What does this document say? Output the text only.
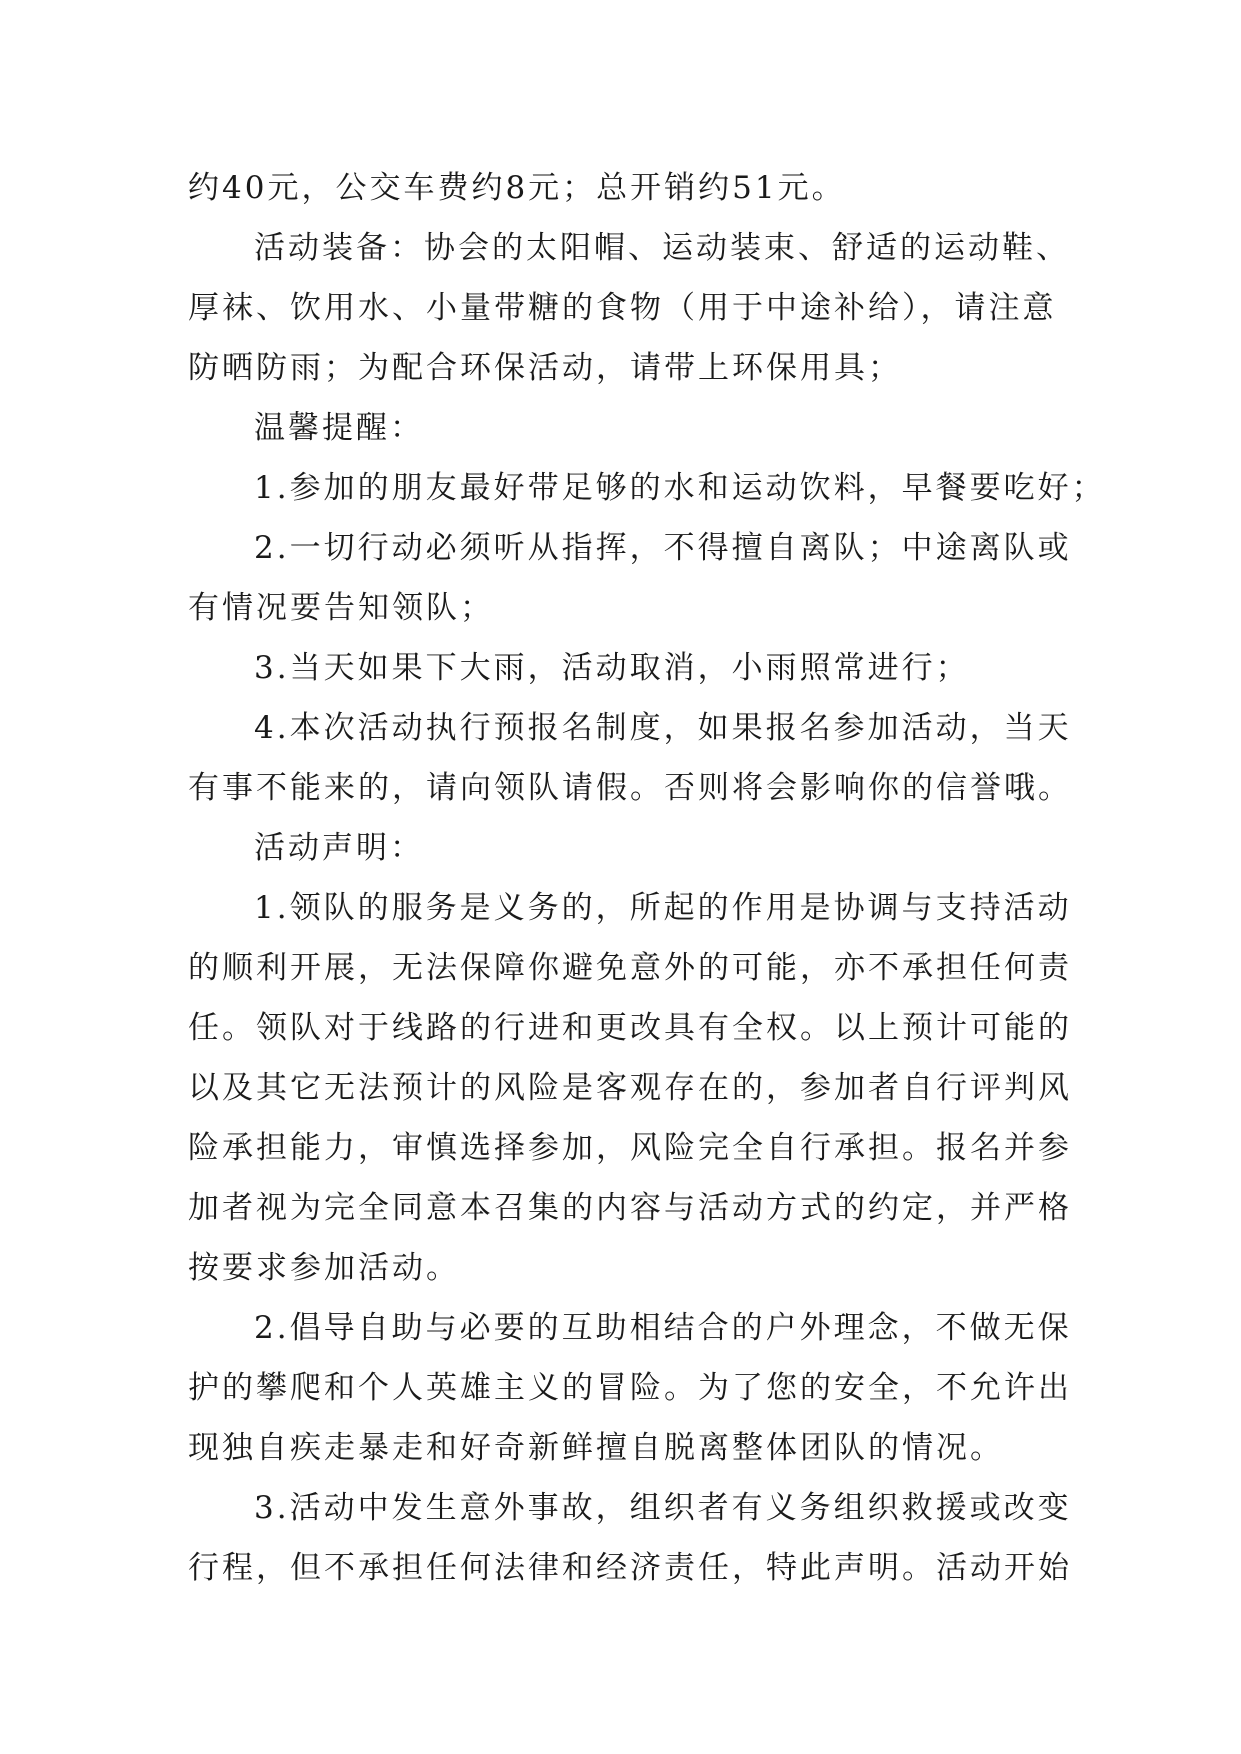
约40元，公交车费约8元；总开销约51元。
活动装备：协会的太阳帽、运动装束、舒适的运动鞋、
厚袜、饮用水、小量带糖的食物（用于中途补给），请注意
防晒防雨；为配合环保活动，请带上环保用具；
温馨提醒：
1.参加的朋友最好带足够的水和运动饮料，早餐要吃好；
2.一切行动必须听从指挥，不得擅自离队；中途离队或
有情况要告知领队；
3.当天如果下大雨，活动取消，小雨照常进行；
4.本次活动执行预报名制度，如果报名参加活动，当天
有事不能来的，请向领队请假。否则将会影响你的信誉哦。
活动声明：
1.领队的服务是义务的，所起的作用是协调与支持活动
的顺利开展，无法保障你避免意外的可能，亦不承担任何责
任。领队对于线路的行进和更改具有全权。以上预计可能的
以及其它无法预计的风险是客观存在的，参加者自行评判风
险承担能力，审慎选择参加，风险完全自行承担。报名并参
加者视为完全同意本召集的内容与活动方式的约定，并严格
按要求参加活动。
2.倡导自助与必要的互助相结合的户外理念，不做无保
护的攀爬和个人英雄主义的冒险。为了您的安全，不允许出
现独自疾走暴走和好奇新鲜擅自脱离整体团队的情况。
3.活动中发生意外事故，组织者有义务组织救援或改变
行程，但不承担任何法律和经济责任，特此声明。活动开始
